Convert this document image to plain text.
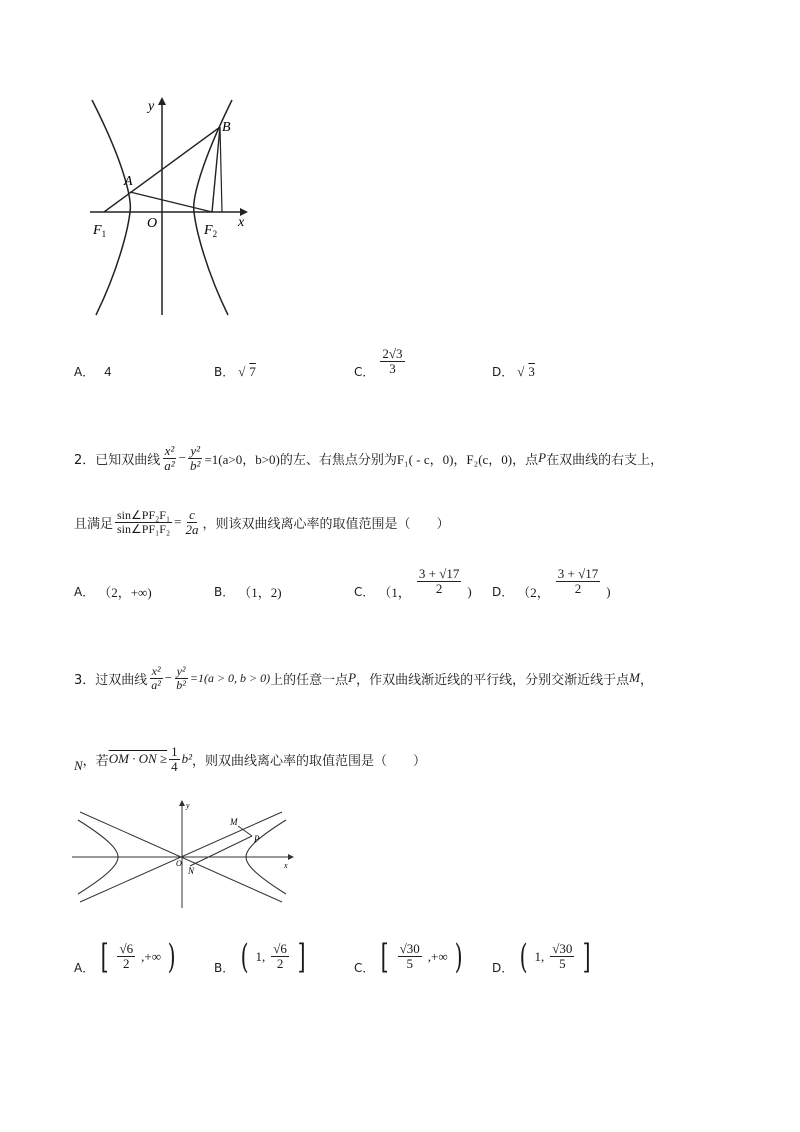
y
x
A
B
O
$F_1$	$F_2$
A． 4	B． √ 7	C． $\frac{2√3}{3}$	D． √ 3
2． 已知双曲线 $\frac{\text{x²}}{\text{a²}} - \frac{\text{y²}}{\text{b²}} =1(a>0$，b>0) 的左、右焦点分别为 F₁( - c，0)，F₂(c，0)， 点 P 在双曲线的右支上，
且满足 $\frac{\text{sin∠PF₂F₁}}{\text{sin∠PF₁F₂}} = \frac{c}{2a}$ ，则该双曲线离心率的取值范围是（　　）
A． （2，+∞)	B． （1，2)	C． （1， $\frac{3 + √17}{2}$ ) D． （2， $\frac{3 + √17}{2}$ )
3． 过双曲线 $\frac{\text{x²}}{\text{a²}} - \frac{\text{y²}}{\text{b²}} =1(a > 0$, b > 0) 上的任意一点 P ，作双曲线渐近线的平行线，分别交渐近线于点 M ，
N ，若 OM · ON ≥ $\frac{1}{4} b^2$ ，则双曲线离心率的取值范围是（　　）
y
x
M
P
N
O
A． [ $\frac{√6}{2}$ ,+∞ )	B． ( 1, $\frac{√6}{2}$ ]	C． [ $\frac{√30}{5}$ ,+∞ ) D． ( 1, $\frac{√30}{5}$ ]
